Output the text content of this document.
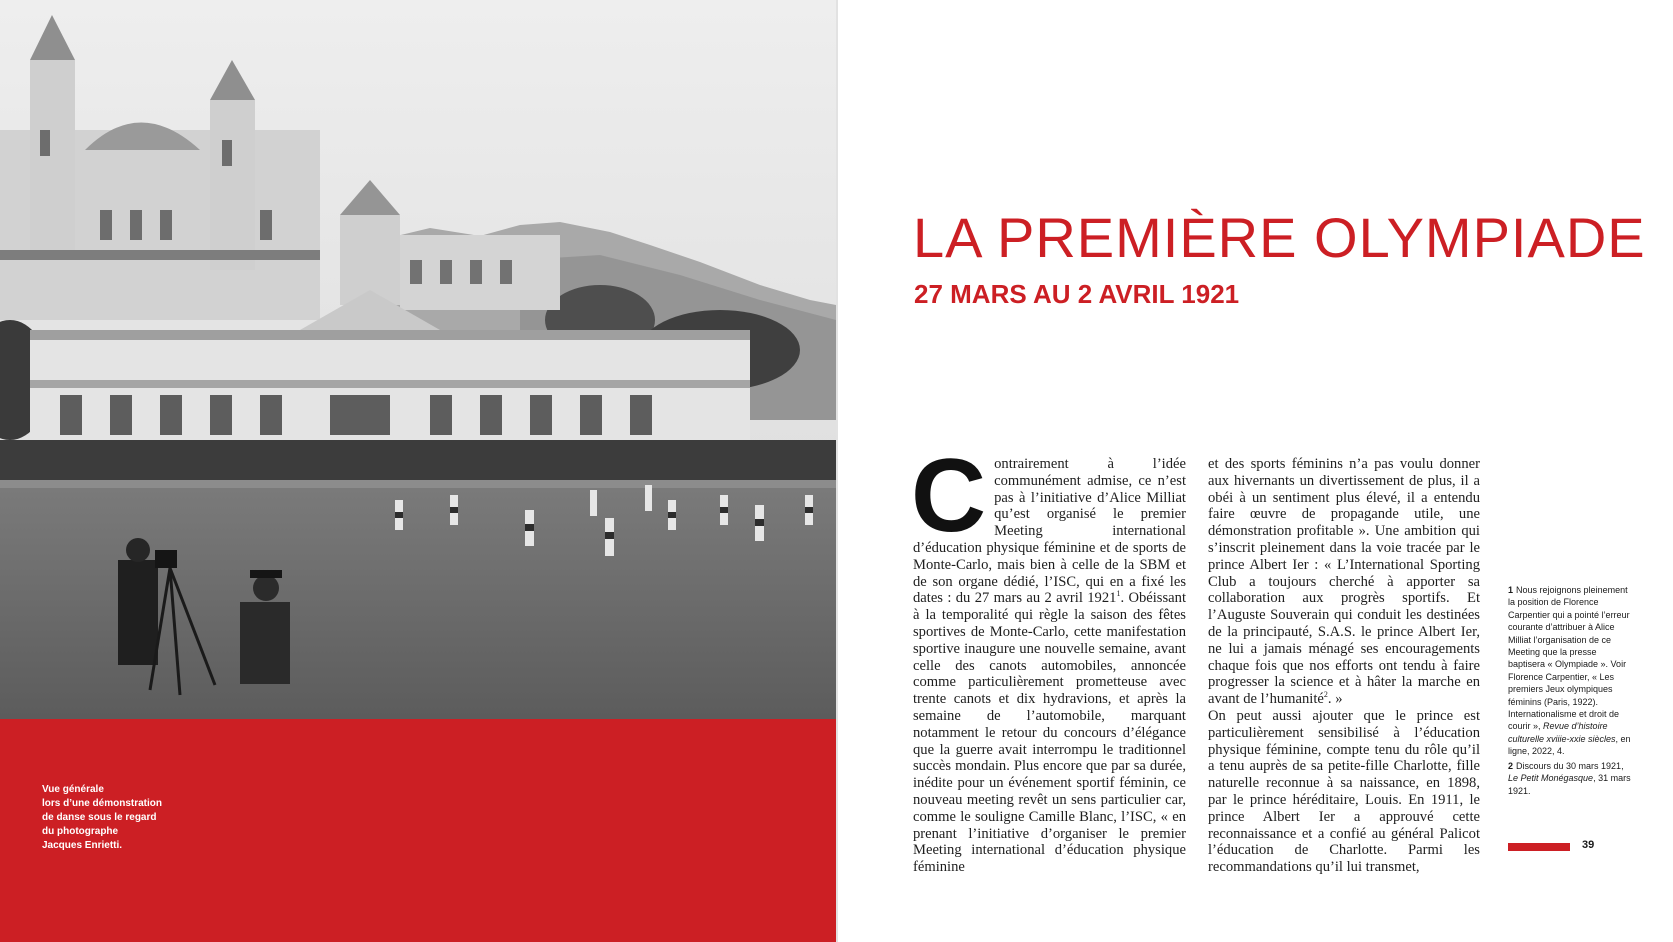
Vue générale
lors d’une démonstration
de danse sous le regard
du photographe
Jacques Enrietti.
LA PREMIÈRE OLYMPIADE
27 MARS AU 2 AVRIL 1921
Contrairement à l’idée communément admise, ce n’est pas à l’initiative d’Alice Milliat qu’est organisé le premier Meeting international d’éducation physique féminine et de sports de Monte-Carlo, mais bien à celle de la SBM et de son organe dédié, l’ISC, qui en a fixé les dates : du 27 mars au 2 avril 1921$^1$. Obéissant à la temporalité qui règle la saison des fêtes sportives de Monte-Carlo, cette manifestation sportive inaugure une nouvelle semaine, avant celle des canots automobiles, annoncée comme particulièrement prometteuse avec trente canots et dix hydravions, et après la semaine de l’automobile, marquant notamment le retour du concours d’élégance que la guerre avait interrompu le traditionnel succès mondain. Plus encore que par sa durée, inédite pour un événement sportif féminin, ce nouveau meeting revêt un sens particulier car, comme le souligne Camille Blanc, l’ISC, « en prenant l’initiative d’organiser le premier Meeting international d’éducation physique féminine
et des sports féminins n’a pas voulu donner aux hivernants un divertissement de plus, il a obéi à un sentiment plus élevé, il a entendu faire œuvre de propagande utile, une démonstration profitable ». Une ambition qui s’inscrit pleinement dans la voie tracée par le prince Albert Ier : « L’International Sporting Club a toujours cherché à apporter sa collaboration aux progrès sportifs. Et l’Auguste Souverain qui conduit les destinées de la principauté, S.A.S. le prince Albert Ier, ne lui a jamais ménagé ses encouragements chaque fois que nos efforts ont tendu à faire progresser la science et à hâter la marche en avant de l’humanité$^2$. »
On peut aussi ajouter que le prince est particulièrement sensibilisé à l’éducation physique féminine, compte tenu du rôle qu’il a tenu auprès de sa petite-fille Charlotte, fille naturelle reconnue à sa naissance, en 1898, par le prince héréditaire, Louis. En 1911, le prince Albert Ier a approuvé cette reconnaissance et a confié au général Palicot l’éducation de Charlotte. Parmi les recommandations qu’il lui transmet,
1 Nous rejoignons pleinement la position de Florence Carpentier qui a pointé l’erreur courante d’attribuer à Alice Milliat l’organisation de ce Meeting que la presse baptisera « Olympiade ». Voir Florence Carpentier, « Les premiers Jeux olympiques féminins (Paris, 1922). Internationalisme et droit de courir », Revue d’histoire culturelle xviiie-xxie siècles, en ligne, 2022, 4.
2 Discours du 30 mars 1921,
Le Petit Monégasque, 31 mars 1921.
39
